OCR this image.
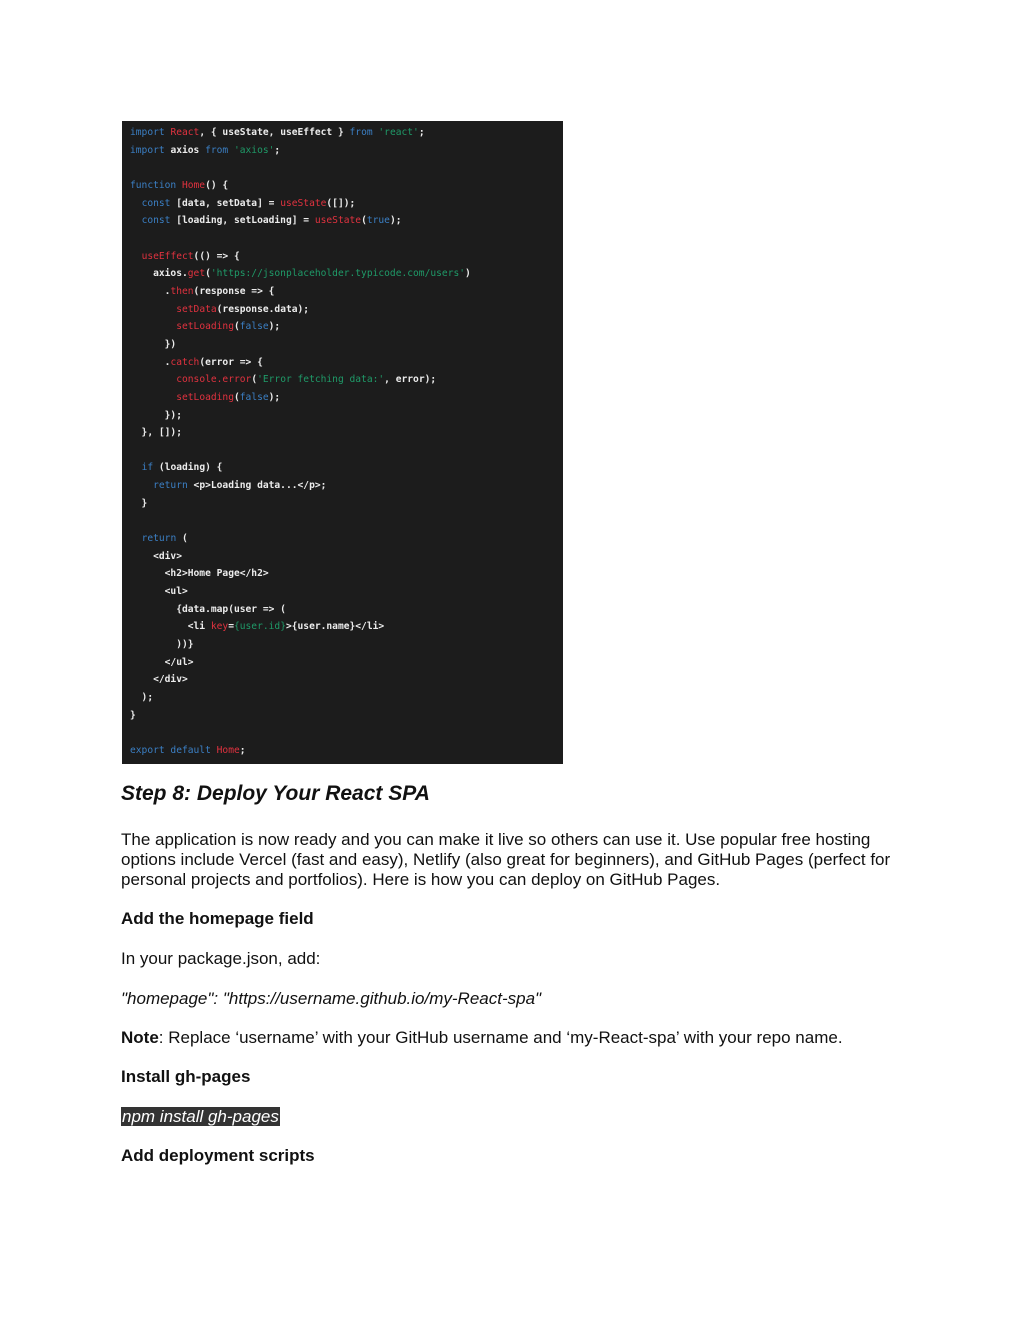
import React, { useState, useEffect } from 'react';
import axios from 'axios';
function Home() {
const [data, setData] = useState([]);
const [loading, setLoading] = useState(true);
useEffect(() => {
axios.get('https://jsonplaceholder.typicode.com/users')
.then(response => {
setData(response.data);
setLoading(false);
})
.catch(error => {
console.error('Error fetching data:', error);
setLoading(false);
});
}, []);
if (loading) {
return <p>Loading data...</p>;
}
return (
<div>
<h2>Home Page</h2>
<ul>
{data.map(user => (
<li key={user.id}>{user.name}</li>
))}
</ul>
</div>
);
}
export default Home;
Step 8: Deploy Your React SPA
The application is now ready and you can make it live so others can use it. Use popular free hosting options include Vercel (fast and easy), Netlify (also great for beginners), and GitHub Pages (perfect for personal projects and portfolios). Here is how you can deploy on GitHub Pages.
Add the homepage field
In your package.json, add:
"homepage": "https://username.github.io/my-React-spa"
Note: Replace ‘username’ with your GitHub username and ‘my-React-spa’ with your repo name.
Install gh-pages
npm install gh-pages
Add deployment scripts
